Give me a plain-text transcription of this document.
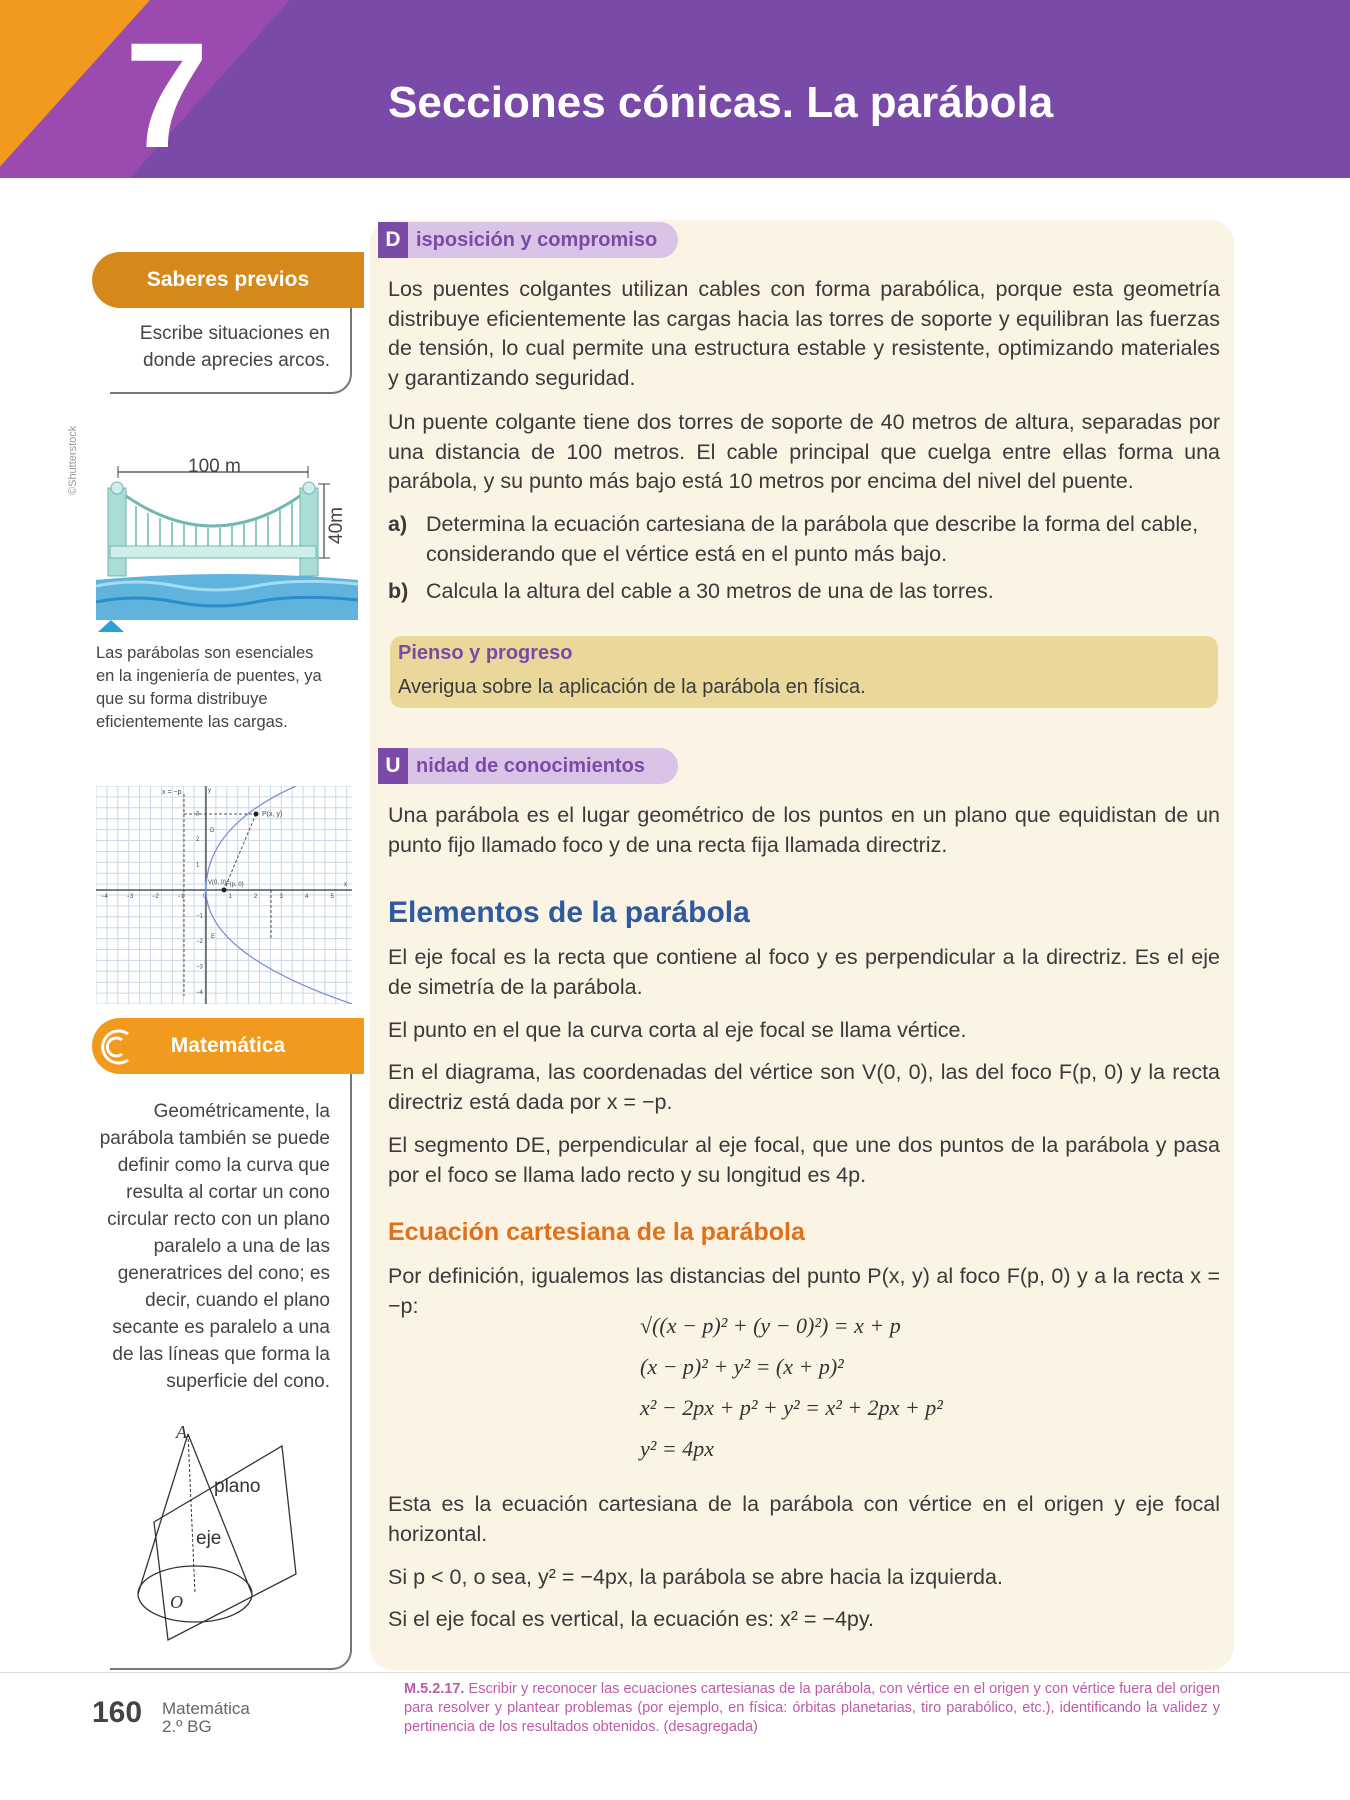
7	Secciones cónicas. La parábola
Saberes previos
Escribe situaciones en donde aprecies arcos.
100 m
40m
©Shutterstock
Las parábolas son esenciales en la ingeniería de puentes, ya que su forma distribuye eficientemente las cargas.
x = −p
P(x, y)
V(0, 0) F(p, 0)
D
E
y
x
−4	−3	−2	−1	0	1	2	3	4	5
3
2
1
−1
−2
−3
−4
Matemática
Geométricamente, la parábola también se puede definir como la curva que resulta al cortar un cono circular recto con un plano paralelo a una de las generatrices del cono; es decir, cuando el plano secante es paralelo a una de las líneas que forma la superficie del cono.
A
plano
eje
O
D isposición y compromiso
Los puentes colgantes utilizan cables con forma parabólica, porque esta geometría distribuye eficientemente las cargas hacia las torres de soporte y equilibran las fuerzas de tensión, lo cual permite una estructura estable y resistente, optimizando materiales y garantizando seguridad.
Un puente colgante tiene dos torres de soporte de 40 metros de altura, separadas por una distancia de 100 metros. El cable principal que cuelga entre ellas forma una parábola, y su punto más bajo está 10 metros por encima del nivel del puente.
a) Determina la ecuación cartesiana de la parábola que describe la forma del cable, considerando que el vértice está en el punto más bajo.
b) Calcula la altura del cable a 30 metros de una de las torres.
Pienso y progreso
Averigua sobre la aplicación de la parábola en física.
U nidad de conocimientos
Una parábola es el lugar geométrico de los puntos en un plano que equidistan de un punto fijo llamado foco y de una recta fija llamada directriz.
Elementos de la parábola
El eje focal es la recta que contiene al foco y es perpendicular a la directriz. Es el eje de simetría de la parábola.
El punto en el que la curva corta al eje focal se llama vértice.
En el diagrama, las coordenadas del vértice son V(0, 0), las del foco F(p, 0) y la recta directriz está dada por x = −p.
El segmento DE, perpendicular al eje focal, que une dos puntos de la parábola y pasa por el foco se llama lado recto y su longitud es 4p.
Ecuación cartesiana de la parábola
Por definición, igualemos las distancias del punto P(x, y) al foco F(p, 0) y a la recta x = −p:
√((x − p)² + (y − 0)²) = x + p
(x − p)² + y² = (x + p)²
x² − 2px + p² + y² = x² + 2px + p²
y² = 4px
Esta es la ecuación cartesiana de la parábola con vértice en el origen y eje focal horizontal.
Si p < 0, o sea, y² = −4px, la parábola se abre hacia la izquierda.
Si el eje focal es vertical, la ecuación es: x² = −4py.
160 Matemática
2.º BG
M.5.2.17. Escribir y reconocer las ecuaciones cartesianas de la parábola, con vértice en el origen y con vértice fuera del origen para resolver y plantear problemas (por ejemplo, en física: órbitas planetarias, tiro parabólico, etc.), identificando la validez y pertinencia de los resultados obtenidos. (desagregada)
